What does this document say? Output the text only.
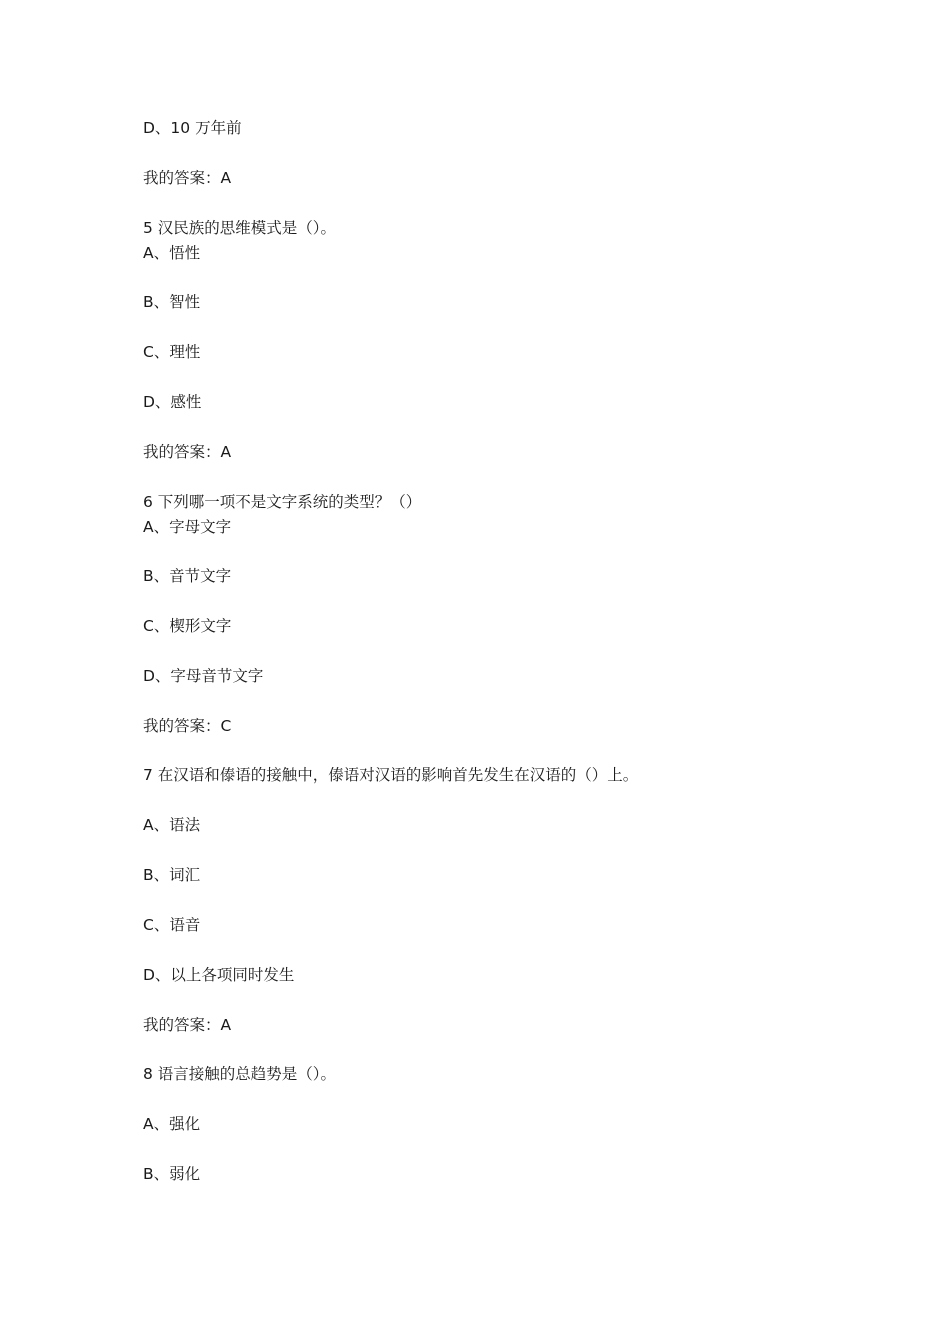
D、10 万年前
我的答案：A
5 汉民族的思维模式是（）。
A、悟性
B、智性
C、理性
D、感性
我的答案：A
6 下列哪一项不是文字系统的类型？（）
A、字母文字
B、音节文字
C、楔形文字
D、字母音节文字
我的答案：C
7 在汉语和傣语的接触中，傣语对汉语的影响首先发生在汉语的（）上。
A、语法
B、词汇
C、语音
D、以上各项同时发生
我的答案：A
8 语言接触的总趋势是（）。
A、强化
B、弱化
